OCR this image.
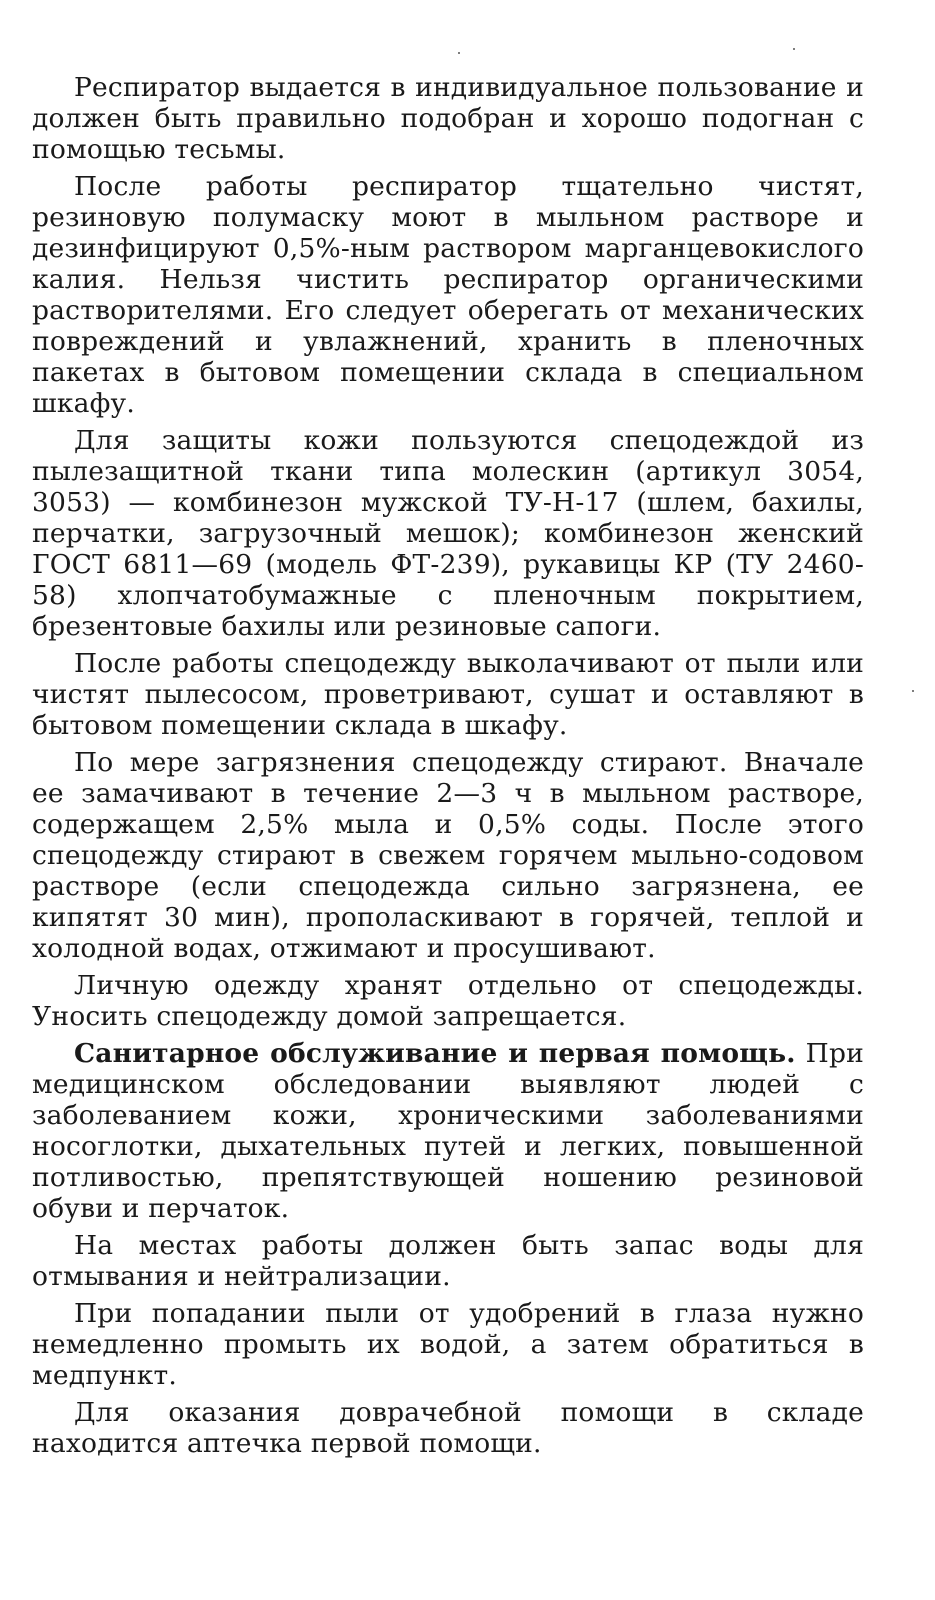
Респиратор выдается в индивидуальное пользование и должен быть правильно подобран и хорошо подогнан с помощью тесьмы.

После работы респиратор тщательно чистят, резиновую полумаску моют в мыльном растворе и дезинфицируют 0,5%-ным раствором марганцевокислого калия. Нельзя чистить респиратор органическими растворителями. Его следует оберегать от механических повреждений и увлажнений, хранить в пленочных пакетах в бытовом помещении склада в специальном шкафу.

Для защиты кожи пользуются спецодеждой из пылезащитной ткани типа молескин (артикул 3054, 3053) — комбинезон мужской ТУ-Н-17 (шлем, бахилы, перчатки, загрузочный мешок); комбинезон женский ГОСТ 6811—69 (модель ФТ-239), рукавицы КР (ТУ 2460-58) хлопчатобумажные с пленочным покрытием, брезентовые бахилы или резиновые сапоги.

После работы спецодежду выколачивают от пыли или чистят пылесосом, проветривают, сушат и оставляют в бытовом помещении склада в шкафу.

По мере загрязнения спецодежду стирают. Вначале ее замачивают в течение 2—3 ч в мыльном растворе, содержащем 2,5% мыла и 0,5% соды. После этого спецодежду стирают в свежем горячем мыльно-содовом растворе (если спецодежда сильно загрязнена, ее кипятят 30 мин), прополаскивают в горячей, теплой и холодной водах, отжимают и просушивают.

Личную одежду хранят отдельно от спецодежды. Уносить спецодежду домой запрещается.

Санитарное обслуживание и первая помощь. При медицинском обследовании выявляют людей с заболеванием кожи, хроническими заболеваниями носоглотки, дыхательных путей и легких, повышенной потливостью, препятствующей ношению резиновой обуви и перчаток.

На местах работы должен быть запас воды для отмывания и нейтрализации.

При попадании пыли от удобрений в глаза нужно немедленно промыть их водой, а затем обратиться в медпункт.

Для оказания доврачебной помощи в складе находится аптечка первой помощи.
